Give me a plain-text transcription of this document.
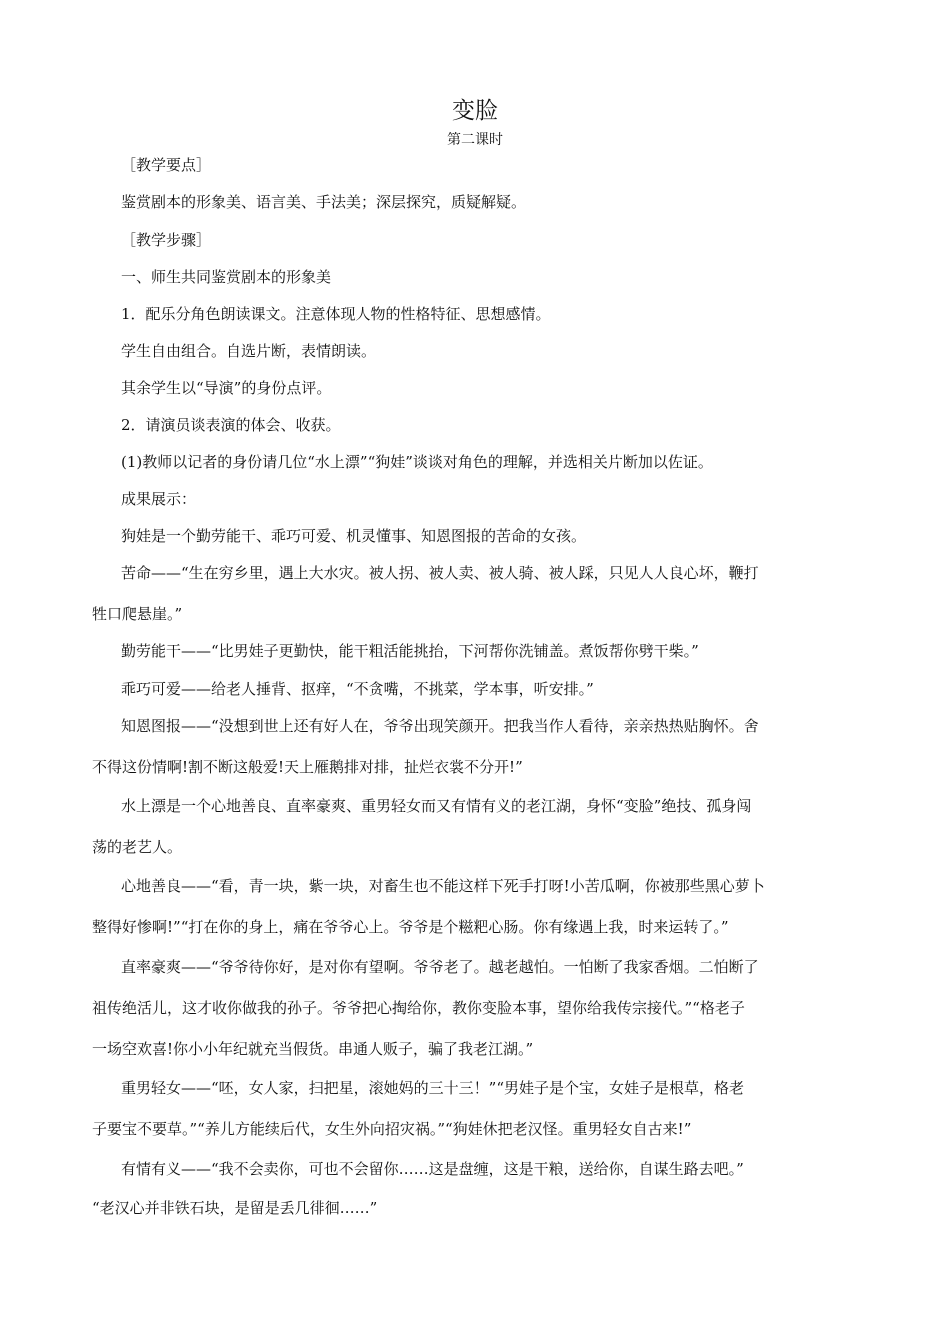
变脸
第二课时
［教学要点］
鉴赏剧本的形象美、语言美、手法美；深层探究，质疑解疑。
［教学步骤］
一、师生共同鉴赏剧本的形象美
1．配乐分角色朗读课文。注意体现人物的性格特征、思想感情。
学生自由组合。自选片断，表情朗读。
其余学生以“导演”的身份点评。
2．请演员谈表演的体会、收获。
(1)教师以记者的身份请几位“水上漂”“狗娃”谈谈对角色的理解，并选相关片断加以佐证。
成果展示：
狗娃是一个勤劳能干、乖巧可爱、机灵懂事、知恩图报的苦命的女孩。
苦命——“生在穷乡里，遇上大水灾。被人拐、被人卖、被人骑、被人踩，只见人人良心坏，鞭打
牲口爬悬崖。”
勤劳能干——“比男娃子更勤快，能干粗活能挑抬，下河帮你洗铺盖。煮饭帮你劈干柴。”
乖巧可爱——给老人捶背、抠痒，“不贪嘴，不挑菜，学本事，听安排。”
知恩图报——“没想到世上还有好人在，爷爷出现笑颜开。把我当作人看待，亲亲热热贴胸怀。舍
不得这份情啊!割不断这般爱!天上雁鹅排对排，扯烂衣裳不分开!”
水上漂是一个心地善良、直率豪爽、重男轻女而又有情有义的老江湖，身怀“变脸”绝技、孤身闯
荡的老艺人。
心地善良——“看，青一块，紫一块，对畜生也不能这样下死手打呀!小苦瓜啊，你被那些黑心萝卜
整得好惨啊!”“打在你的身上，痛在爷爷心上。爷爷是个糍粑心肠。你有缘遇上我，时来运转了。”
直率豪爽——“爷爷待你好，是对你有望啊。爷爷老了。越老越怕。一怕断了我家香烟。二怕断了
祖传绝活儿，这才收你做我的孙子。爷爷把心掏给你，教你变脸本事，望你给我传宗接代。”“格老子
一场空欢喜!你小小年纪就充当假货。串通人贩子，骗了我老江湖。”
重男轻女——“呸，女人家，扫把星，滚她妈的三十三！”“男娃子是个宝，女娃子是根草，格老
子要宝不要草。”“养儿方能续后代，女生外向招灾祸。”“狗娃休把老汉怪。重男轻女自古来!”
有情有义——“我不会卖你，可也不会留你……这是盘缠，这是干粮，送给你，自谋生路去吧。”
“老汉心并非铁石块，是留是丢几徘徊……”
